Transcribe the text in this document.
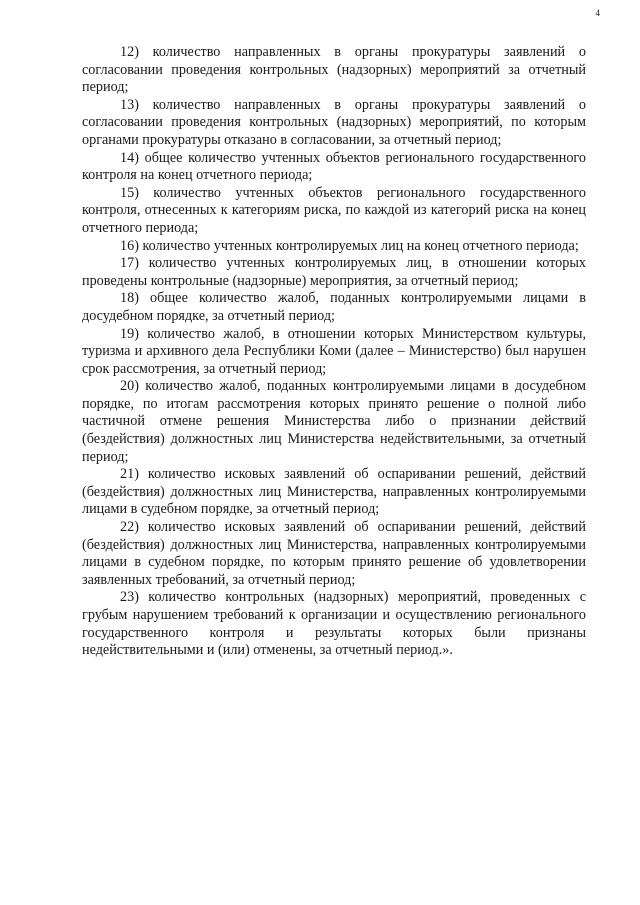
4

12) количество направленных в органы прокуратуры заявлений о согласовании проведения контрольных (надзорных) мероприятий за отчетный период;

13) количество направленных в органы прокуратуры заявлений о согласовании проведения контрольных (надзорных) мероприятий, по которым органами прокуратуры отказано в согласовании, за отчетный период;

14) общее количество учтенных объектов регионального государственного контроля на конец отчетного периода;

15) количество учтенных объектов регионального государственного контроля, отнесенных к категориям риска, по каждой из категорий риска на конец отчетного периода;

16) количество учтенных контролируемых лиц на конец отчетного периода;

17) количество учтенных контролируемых лиц, в отношении которых проведены контрольные (надзорные) мероприятия, за отчетный период;

18) общее количество жалоб, поданных контролируемыми лицами в досудебном порядке, за отчетный период;

19) количество жалоб, в отношении которых Министерством культуры, туризма и архивного дела Республики Коми (далее – Министерство) был нарушен срок рассмотрения, за отчетный период;

20) количество жалоб, поданных контролируемыми лицами в досудебном порядке, по итогам рассмотрения которых принято решение о полной либо частичной отмене решения Министерства либо о признании действий (бездействия) должностных лиц Министерства недействительными, за отчетный период;

21) количество исковых заявлений об оспаривании решений, действий (бездействия) должностных лиц Министерства, направленных контролируемыми лицами в судебном порядке, за отчетный период;

22) количество исковых заявлений об оспаривании решений, действий (бездействия) должностных лиц Министерства, направленных контролируемыми лицами в судебном порядке, по которым принято решение об удовлетворении заявленных требований, за отчетный период;

23) количество контрольных (надзорных) мероприятий, проведенных с грубым нарушением требований к организации и осуществлению регионального государственного контроля и результаты которых были признаны недействительными и (или) отменены, за отчетный период.».
